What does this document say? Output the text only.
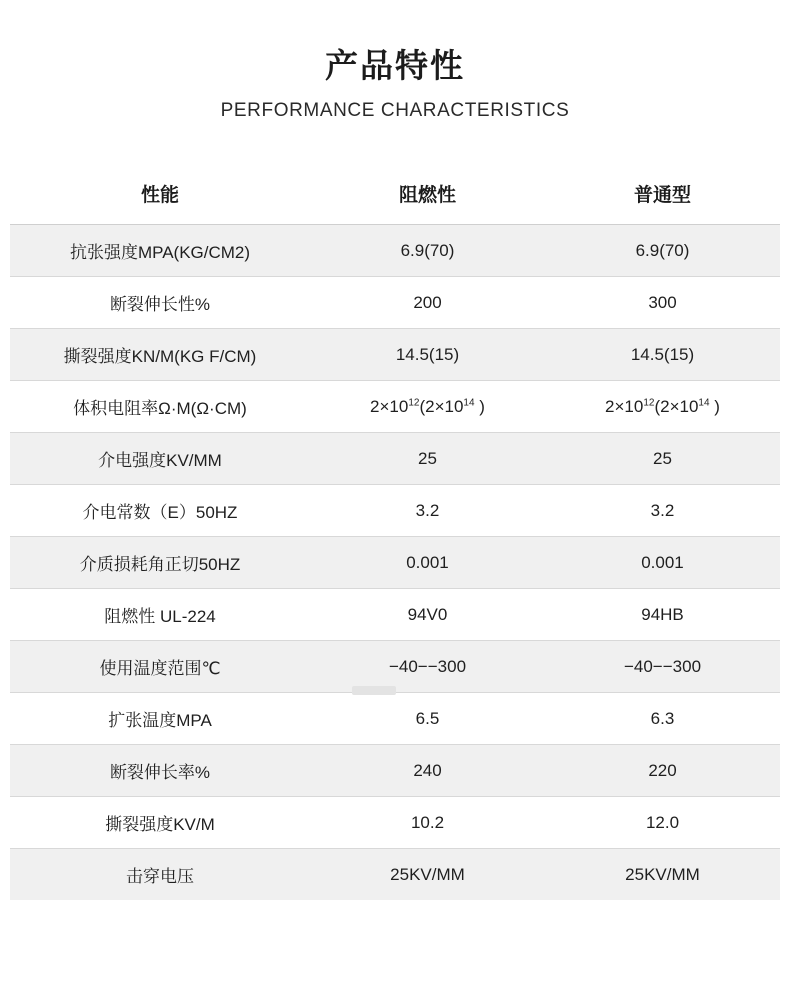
产品特性
PERFORMANCE CHARACTERISTICS
性能	阻燃性	普通型
抗张强度MPA(KG/CM2)	6.9(70)	6.9(70)
断裂伸长性%	200	300
撕裂强度KN/M(KG F/CM)	14.5(15)	14.5(15)
体积电阻率Ω·M(Ω·CM)	$2\times 10^{12}(2\times 10^{14}$ )	$2\times 10^{12}(2\times 10^{14}$ )
介电强度KV/MM	25	25
介电常数（E）50HZ	3.2	3.2
介质损耗角正切50HZ	0.001	0.001
阻燃性 UL-224	94V0	94HB
使用温度范围℃	−40−−300	−40−−300
扩张温度MPA	6.5	6.3
断裂伸长率%	240	220
撕裂强度KV/M	10.2	12.0
击穿电压	25KV/MM	25KV/MM
